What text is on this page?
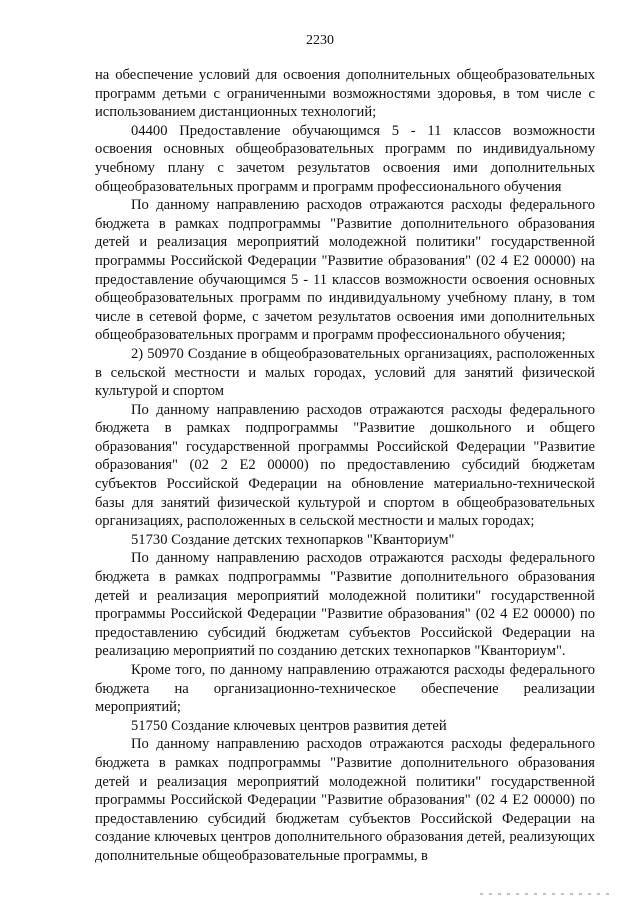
2230

на обеспечение условий для освоения дополнительных общеобразовательных программ детьми с ограниченными возможностями здоровья, в том числе с использованием дистанционных технологий;

04400 Предоставление обучающимся 5 - 11 классов возможности освоения основных общеобразовательных программ по индивидуальному учебному плану с зачетом результатов освоения ими дополнительных общеобразовательных программ и программ профессионального обучения

По данному направлению расходов отражаются расходы федерального бюджета в рамках подпрограммы "Развитие дополнительного образования детей и реализация мероприятий молодежной политики" государственной программы Российской Федерации "Развитие образования" (02 4 Е2 00000) на предоставление обучающимся 5 - 11 классов возможности освоения основных общеобразовательных программ по индивидуальному учебному плану, в том числе в сетевой форме, с зачетом результатов освоения ими дополнительных общеобразовательных программ и программ профессионального обучения;

2) 50970 Создание в общеобразовательных организациях, расположенных в сельской местности и малых городах, условий для занятий физической культурой и спортом

По данному направлению расходов отражаются расходы федерального бюджета в рамках подпрограммы "Развитие дошкольного и общего образования" государственной программы Российской Федерации "Развитие образования" (02 2 Е2 00000) по предоставлению субсидий бюджетам субъектов Российской Федерации на обновление материально-технической базы для занятий физической культурой и спортом в общеобразовательных организациях, расположенных в сельской местности и малых городах;

51730 Создание детских технопарков "Кванториум"

По данному направлению расходов отражаются расходы федерального бюджета в рамках подпрограммы "Развитие дополнительного образования детей и реализация мероприятий молодежной политики" государственной программы Российской Федерации "Развитие образования" (02 4 Е2 00000) по предоставлению субсидий бюджетам субъектов Российской Федерации на реализацию мероприятий по созданию детских технопарков "Кванториум".

Кроме того, по данному направлению отражаются расходы федерального бюджета на организационно-техническое обеспечение реализации мероприятий;

51750 Создание ключевых центров развития детей

По данному направлению расходов отражаются расходы федерального бюджета в рамках подпрограммы "Развитие дополнительного образования детей и реализация мероприятий молодежной политики" государственной программы Российской Федерации "Развитие образования" (02 4 Е2 00000) по предоставлению субсидий бюджетам субъектов Российской Федерации на создание ключевых центров дополнительного образования детей, реализующих дополнительные общеобразовательные программы, в
